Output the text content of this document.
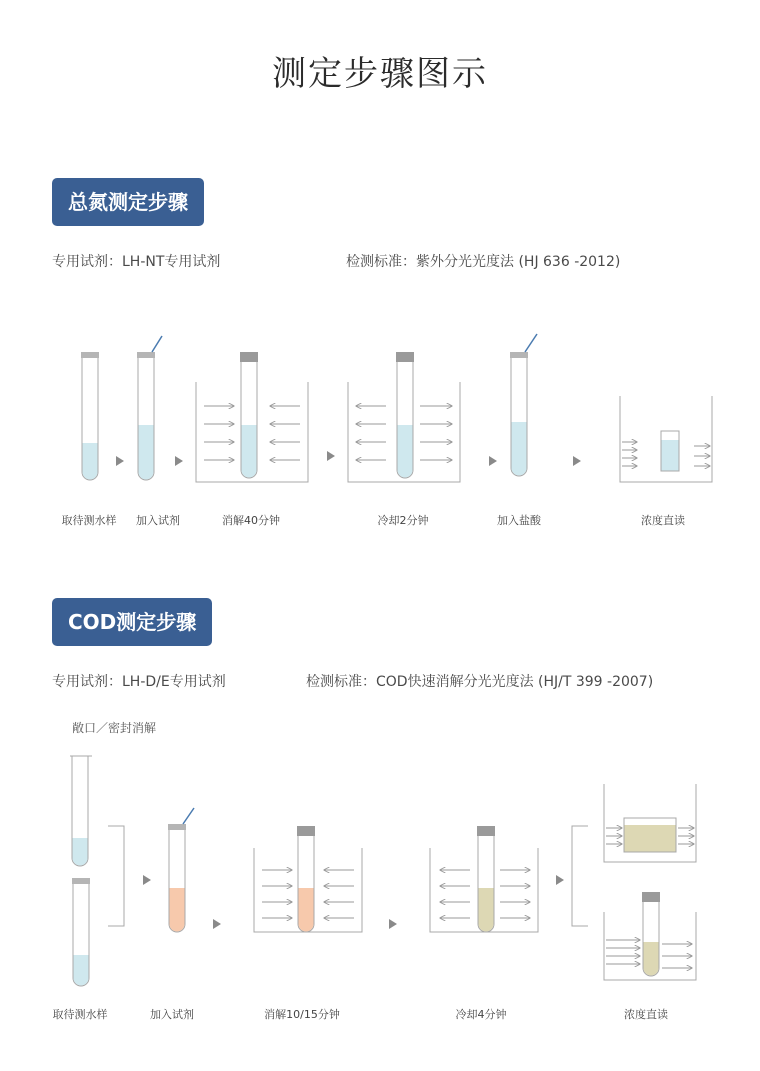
测定步骤图示
总氮测定步骤
专用试剂：LH-NT专用试剂	检测标准：紫外分光光度法 (HJ 636 -2012)
取待测水样 加入试剂	消解40分钟	冷却2分钟	加入盐酸	浓度直读
COD测定步骤
专用试剂：LH-D/E专用试剂	检测标准：COD快速消解分光光度法 (HJ/T 399 -2007)
敞口／密封消解
取待测水样	加入试剂	消解10/15分钟	冷却4分钟	浓度直读
